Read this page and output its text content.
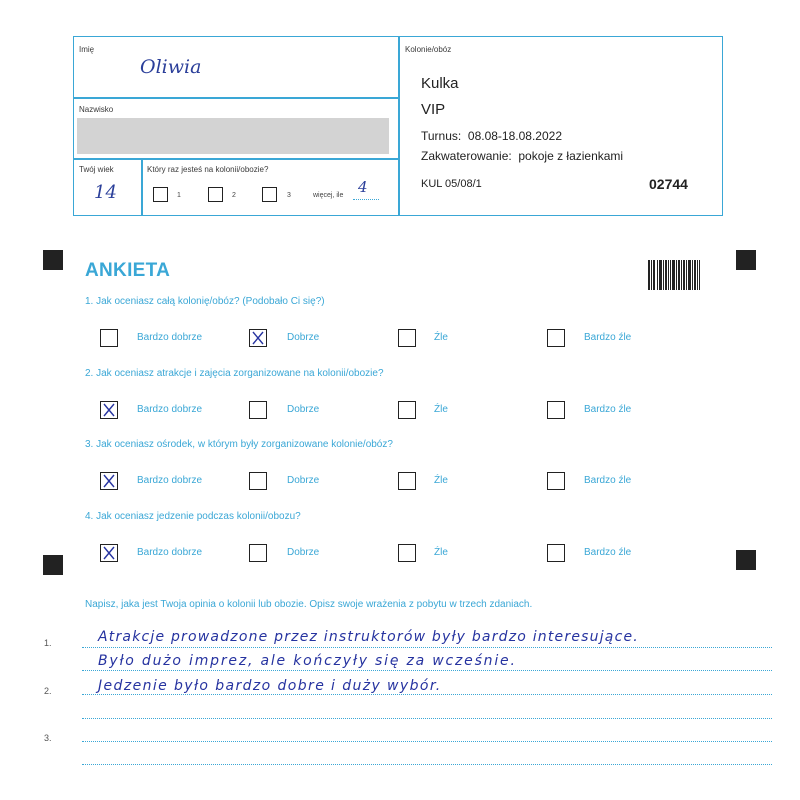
Imię
Oliwia
Nazwisko
Twój wiek
14
Który raz jesteś na kolonii/obozie?
1	2	3	więcej, ile 4
Kolonie/obóz
Kulka
VIP
Turnus:  08.08-18.08.2022
Zakwaterowanie:  pokoje z łazienkami
KUL 05/08/1	02744
ANKIETA
1. Jak oceniasz całą kolonię/obóz? (Podobało Ci się?)
Bardzo dobrze	Dobrze	Źle	Bardzo źle
2. Jak oceniasz atrakcje i zajęcia zorganizowane na kolonii/obozie?
Bardzo dobrze	Dobrze	Źle	Bardzo źle
3. Jak oceniasz ośrodek, w którym były zorganizowane kolonie/obóz?
Bardzo dobrze	Dobrze	Źle	Bardzo źle
4. Jak oceniasz jedzenie podczas kolonii/obozu?
Bardzo dobrze	Dobrze	Źle	Bardzo źle
Napisz, jaka jest Twoja opinia o kolonii lub obozie. Opisz swoje wrażenia z pobytu w trzech zdaniach.
1.
2.
3.
Atrakcje prowadzone przez instruktorów były bardzo interesujące.
Było dużo imprez, ale kończyły się za wcześnie.
Jedzenie było bardzo dobre i duży wybór.
